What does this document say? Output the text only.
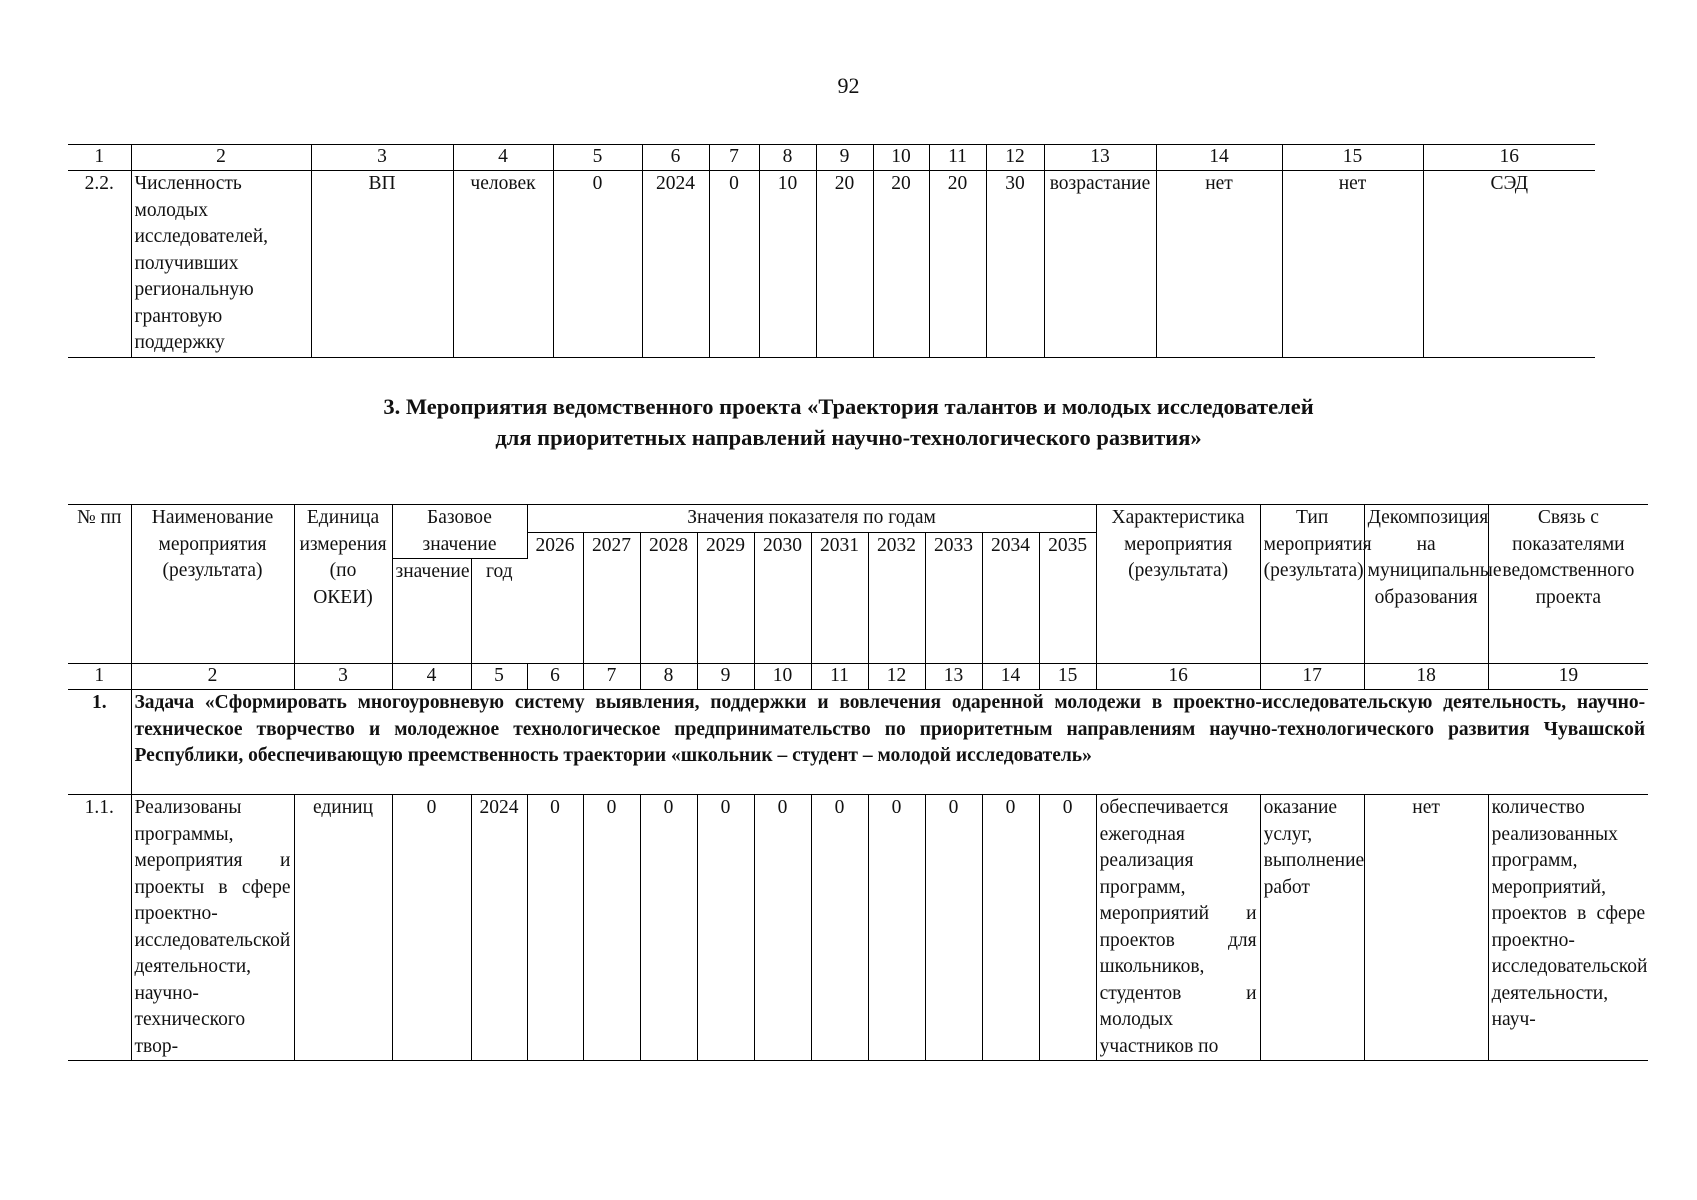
92
1	2	3	4	5	6	7	8	9	10	11	12	13	14	15	16
2.2.	Численность молодых исследователей, получивших региональную грантовую поддержку	ВП	человек	0	2024	0	10	20	20	20	30	возрастание	нет	нет	СЭД
3. Мероприятия ведомственного проекта «Траектория талантов и молодых исследователей
для приоритетных направлений научно-технологического развития»
№ пп	Наименование мероприятия (результата)	Единица измерения (по ОКЕИ)	Базовое значение		Значения показателя по годам										Характеристика мероприятия (результата)	Тип мероприятия (результата)	Декомпозиция на муниципальные образования	Связь с показателями ведомственного проекта
					2026	2027	2028	2029	2030	2031	2032	2033	2034	2035				
			значение	год														
1	2	3	4	5	6	7	8	9	10	11	12	13	14	15	16	17	18	19
1.	Задача «Сформировать многоуровневую систему выявления, поддержки и вовлечения одаренной молодежи в проектно-исследовательскую деятельность, научно-техническое творчество и молодежное технологическое предпринимательство по приоритетным направлениям научно-технологического развития Чувашской Республики, обеспечивающую преемственность траектории «школьник – студент – молодой исследователь»																	
1.1.	Реализованы программы, мероприятия и проекты в сфере проектно-исследовательской деятельности, научно-технического твор-	единиц	0	2024	0	0	0	0	0	0	0	0	0	0	обеспечивается ежегодная реализация программ, мероприятий и проектов для школьников, студентов и молодых участников по	оказание услуг, выполнение работ	нет	количество реализованных программ, мероприятий, проектов в сфере проектно-исследовательской деятельности, науч-
